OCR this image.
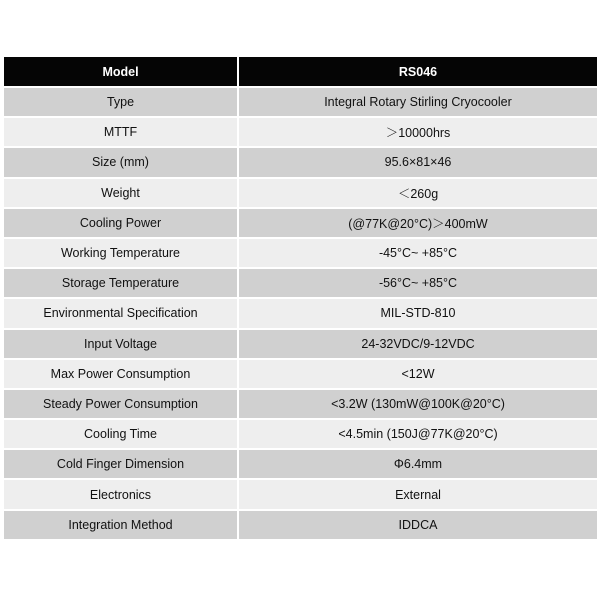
Model	RS046
Type	Integral Rotary Stirling Cryocooler
MTTF	＞10000hrs
Size (mm)	95.6×81×46
Weight	＜260g
Cooling Power	(@77K@20°C)＞400mW
Working Temperature	-45°C~ +85°C
Storage Temperature	-56°C~ +85°C
Environmental Specification	MIL-STD-810
Input Voltage	24-32VDC/9-12VDC
Max Power Consumption	<12W
Steady Power Consumption	<3.2W (130mW@100K@20°C)
Cooling Time	<4.5min (150J@77K@20°C)
Cold Finger Dimension	Φ6.4mm
Electronics	External
Integration Method	IDDCA
